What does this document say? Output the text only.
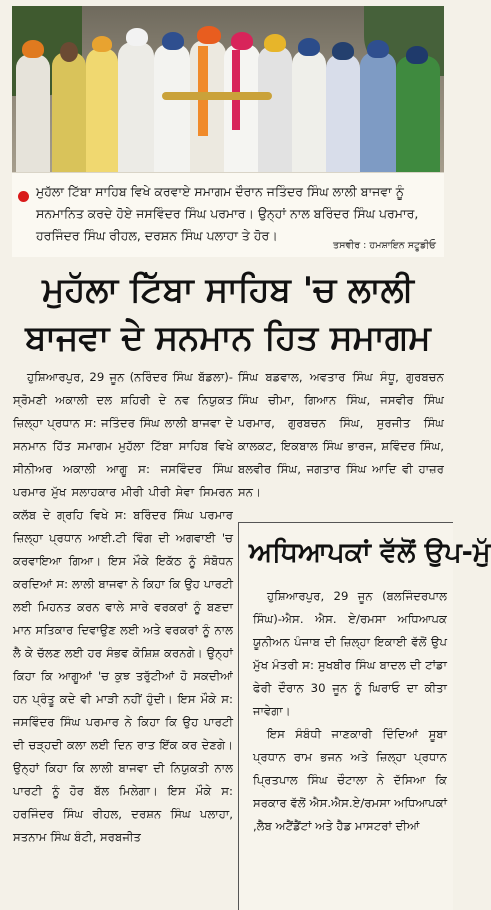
ਮੁਹੱਲਾ ਟਿੱਬਾ ਸਾਹਿਬ ਵਿਖੇ ਕਰਵਾਏ ਸਮਾਗਮ ਦੌਰਾਨ ਜਤਿੰਦਰ ਸਿੰਘ ਲਾਲੀ ਬਾਜਵਾ ਨੂੰ ਸਨਮਾਨਿਤ ਕਰਦੇ ਹੋਏ ਜਸਵਿੰਦਰ ਸਿੰਘ ਪਰਮਾਰ। ਉਨ੍ਹਾਂ ਨਾਲ ਬਰਿੰਦਰ ਸਿੰਘ ਪਰਮਾਰ, ਹਰਜਿੰਦਰ ਸਿੰਘ ਰੀਹਲ, ਦਰਸ਼ਨ ਸਿੰਘ ਪਲਾਹਾ ਤੇ ਹੋਰ।

ਤਸਵੀਰ : ਹਮਸ਼ਾਇਨ ਸਟੂਡੀਓ
ਮੁਹੱਲਾ ਟਿੱਬਾ ਸਾਹਿਬ 'ਚ ਲਾਲੀ ਬਾਜਵਾ ਦੇ ਸਨਮਾਨ ਹਿਤ ਸਮਾਗਮ

ਹੁਸ਼ਿਆਰਪੁਰ, 29 ਜੂਨ (ਨਰਿੰਦਰ ਸਿੰਘ ਬੱਡਲਾ)-ਸ੍ਰੋਮਣੀ ਅਕਾਲੀ ਦਲ ਸ਼ਹਿਰੀ ਦੇ ਨਵ ਨਿਯੁਕਤ ਜ਼ਿਲ੍ਹਾ ਪ੍ਰਧਾਨ ਸ: ਜਤਿੰਦਰ ਸਿੰਘ ਲਾਲੀ ਬਾਜਵਾ ਦੇ ਸਨਮਾਨ ਹਿੱਤ ਸਮਾਗਮ ਮੁਹੱਲਾ ਟਿੱਬਾ ਸਾਹਿਬ ਵਿਖੇ ਸੀਨੀਅਰ ਅਕਾਲੀ ਆਗੂ ਸ: ਜਸਵਿੰਦਰ ਸਿੰਘ ਪਰਮਾਰ ਮੁੱਖ ਸਲਾਹਕਾਰ ਮੀਰੀ ਪੀਰੀ ਸੇਵਾ ਸਿਮਰਨ ਕਲੱਬ ਦੇ ਗ੍ਰਹਿ ਵਿਖੇ ਸ: ਬਰਿੰਦਰ ਸਿੰਘ ਪਰਮਾਰ ਜ਼ਿਲ੍ਹਾ ਪ੍ਰਧਾਨ ਆਈ.ਟੀ ਵਿੰਗ ਦੀ ਅਗਵਾਈ 'ਚ ਕਰਵਾਇਆ ਗਿਆ। ਇਸ ਮੌਕੇ ਇਕੱਠ ਨੂੰ ਸੰਬੋਧਨ ਕਰਦਿਆਂ ਸ: ਲਾਲੀ ਬਾਜਵਾ ਨੇ ਕਿਹਾ ਕਿ ਉਹ ਪਾਰਟੀ ਲਈ ਮਿਹਨਤ ਕਰਨ ਵਾਲੇ ਸਾਰੇ ਵਰਕਰਾਂ ਨੂੰ ਬਣਦਾ ਮਾਨ ਸਤਿਕਾਰ ਦਿਵਾਉਣ ਲਈ ਅਤੇ ਵਰਕਰਾਂ ਨੂੰ ਨਾਲ ਲੈ ਕੇ ਚੱਲਣ ਲਈ ਹਰ ਸੰਭਵ ਕੋਸ਼ਿਸ਼ ਕਰਨਗੇ। ਉਨ੍ਹਾਂ ਕਿਹਾ ਕਿ ਆਗੂਆਂ 'ਚ ਕੁਝ ਤਰੁੱਟੀਆਂ ਹੋ ਸਕਦੀਆਂ ਹਨ ਪ੍ਰੰਤੂ ਕਦੇ ਵੀ ਮਾੜੀ ਨਹੀਂ ਹੁੰਦੀ। ਇਸ ਮੌਕੇ ਸ: ਜਸਵਿੰਦਰ ਸਿੰਘ ਪਰਮਾਰ ਨੇ ਕਿਹਾ ਕਿ ਉਹ ਪਾਰਟੀ ਦੀ ਚੜ੍ਹਦੀ ਕਲਾ ਲਈ ਦਿਨ ਰਾਤ ਇੱਕ ਕਰ ਦੇਣਗੇ। ਉਨ੍ਹਾਂ ਕਿਹਾ ਕਿ ਲਾਲੀ ਬਾਜਵਾ ਦੀ ਨਿਯੁਕਤੀ ਨਾਲ ਪਾਰਟੀ ਨੂੰ ਹੋਰ ਬੱਲ ਮਿਲੇਗਾ। ਇਸ ਮੌਕੇ ਸ: ਹਰਜਿੰਦਰ ਸਿੰਘ ਰੀਹਲ, ਦਰਸ਼ਨ ਸਿੰਘ ਪਲਾਹਾ, ਸਤਨਾਮ ਸਿੰਘ ਬੰਟੀ, ਸਰਬਜੀਤ

ਸਿੰਘ ਬਡਵਾਲ, ਅਵਤਾਰ ਸਿੰਘ ਸੰਧੂ, ਗੁਰਬਚਨ ਸਿੰਘ ਚੀਮਾ, ਗਿਆਨ ਸਿੰਘ, ਜਸਵੀਰ ਸਿੰਘ ਪਰਮਾਰ, ਗੁਰਬਚਨ ਸਿੰਘ, ਸੁਰਜੀਤ ਸਿੰਘ ਕਾਲਕਟ, ਇਕਬਾਲ ਸਿੰਘ ਭਾਰਜ, ਸ਼ਵਿੰਦਰ ਸਿੰਘ, ਬਲਵੀਰ ਸਿੰਘ, ਜਗਤਾਰ ਸਿੰਘ ਆਦਿ ਵੀ ਹਾਜ਼ਰ ਸਨ।

ਅਧਿਆਪਕਾਂ ਵੱਲੋਂ ਉਪ-ਮੁੱ

ਹੁਸ਼ਿਆਰਪੁਰ, 29 ਜੂਨ (ਬਲਜਿੰਦਰਪਾਲ ਸਿੰਘ)-ਐਸ. ਐਸ. ਏ/ਰਮਸਾ ਅਧਿਆਪਕ ਯੂਨੀਅਨ ਪੰਜਾਬ ਦੀ ਜ਼ਿਲ੍ਹਾ ਇਕਾਈ ਵੱਲੋਂ ਉਪ ਮੁੱਖ ਮੰਤਰੀ ਸ: ਸੁਖਬੀਰ ਸਿੰਘ ਬਾਦਲ ਦੀ ਟਾਂਡਾ ਫੇਰੀ ਦੌਰਾਨ 30 ਜੂਨ ਨੂੰ ਘਿਰਾਓ ਦਾ ਕੀਤਾ ਜਾਵੇਗਾ।

ਇਸ ਸੰਬੰਧੀ ਜਾਣਕਾਰੀ ਦਿੰਦਿਆਂ ਸੂਬਾ ਪ੍ਰਧਾਨ ਰਾਮ ਭਜਨ ਅਤੇ ਜ਼ਿਲ੍ਹਾ ਪ੍ਰਧਾਨ ਪ੍ਰਿਤਪਾਲ ਸਿੰਘ ਚੌਟਾਲਾ ਨੇ ਦੱਸਿਆ ਕਿ ਸਰਕਾਰ ਵੱਲੋਂ ਐਸ.ਐਸ.ਏ/ਰਮਸਾ ਅਧਿਆਪਕਾਂ ,ਲੈਬ ਅਟੈਂਡੈਂਟਾਂ ਅਤੇ ਹੈਡ ਮਾਸਟਰਾਂ ਦੀਆਂ
